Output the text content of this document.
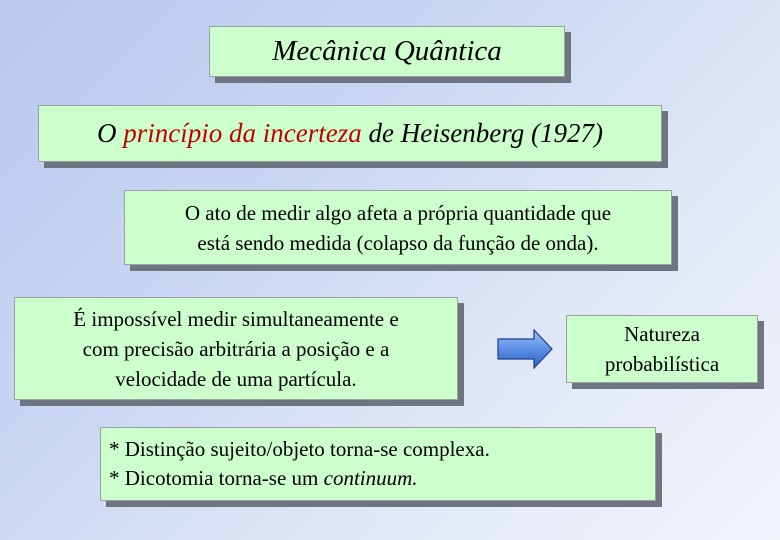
Mecânica Quântica
O princípio da incerteza de Heisenberg (1927)
O ato de medir algo afeta a própria quantidade que
está sendo medida (colapso da função de onda).
É impossível medir simultaneamente e
com precisão arbitrária a posição e a
velocidade de uma partícula.
Natureza
probabilística
* Distinção sujeito/objeto torna-se complexa.
* Dicotomia torna-se um continuum.
